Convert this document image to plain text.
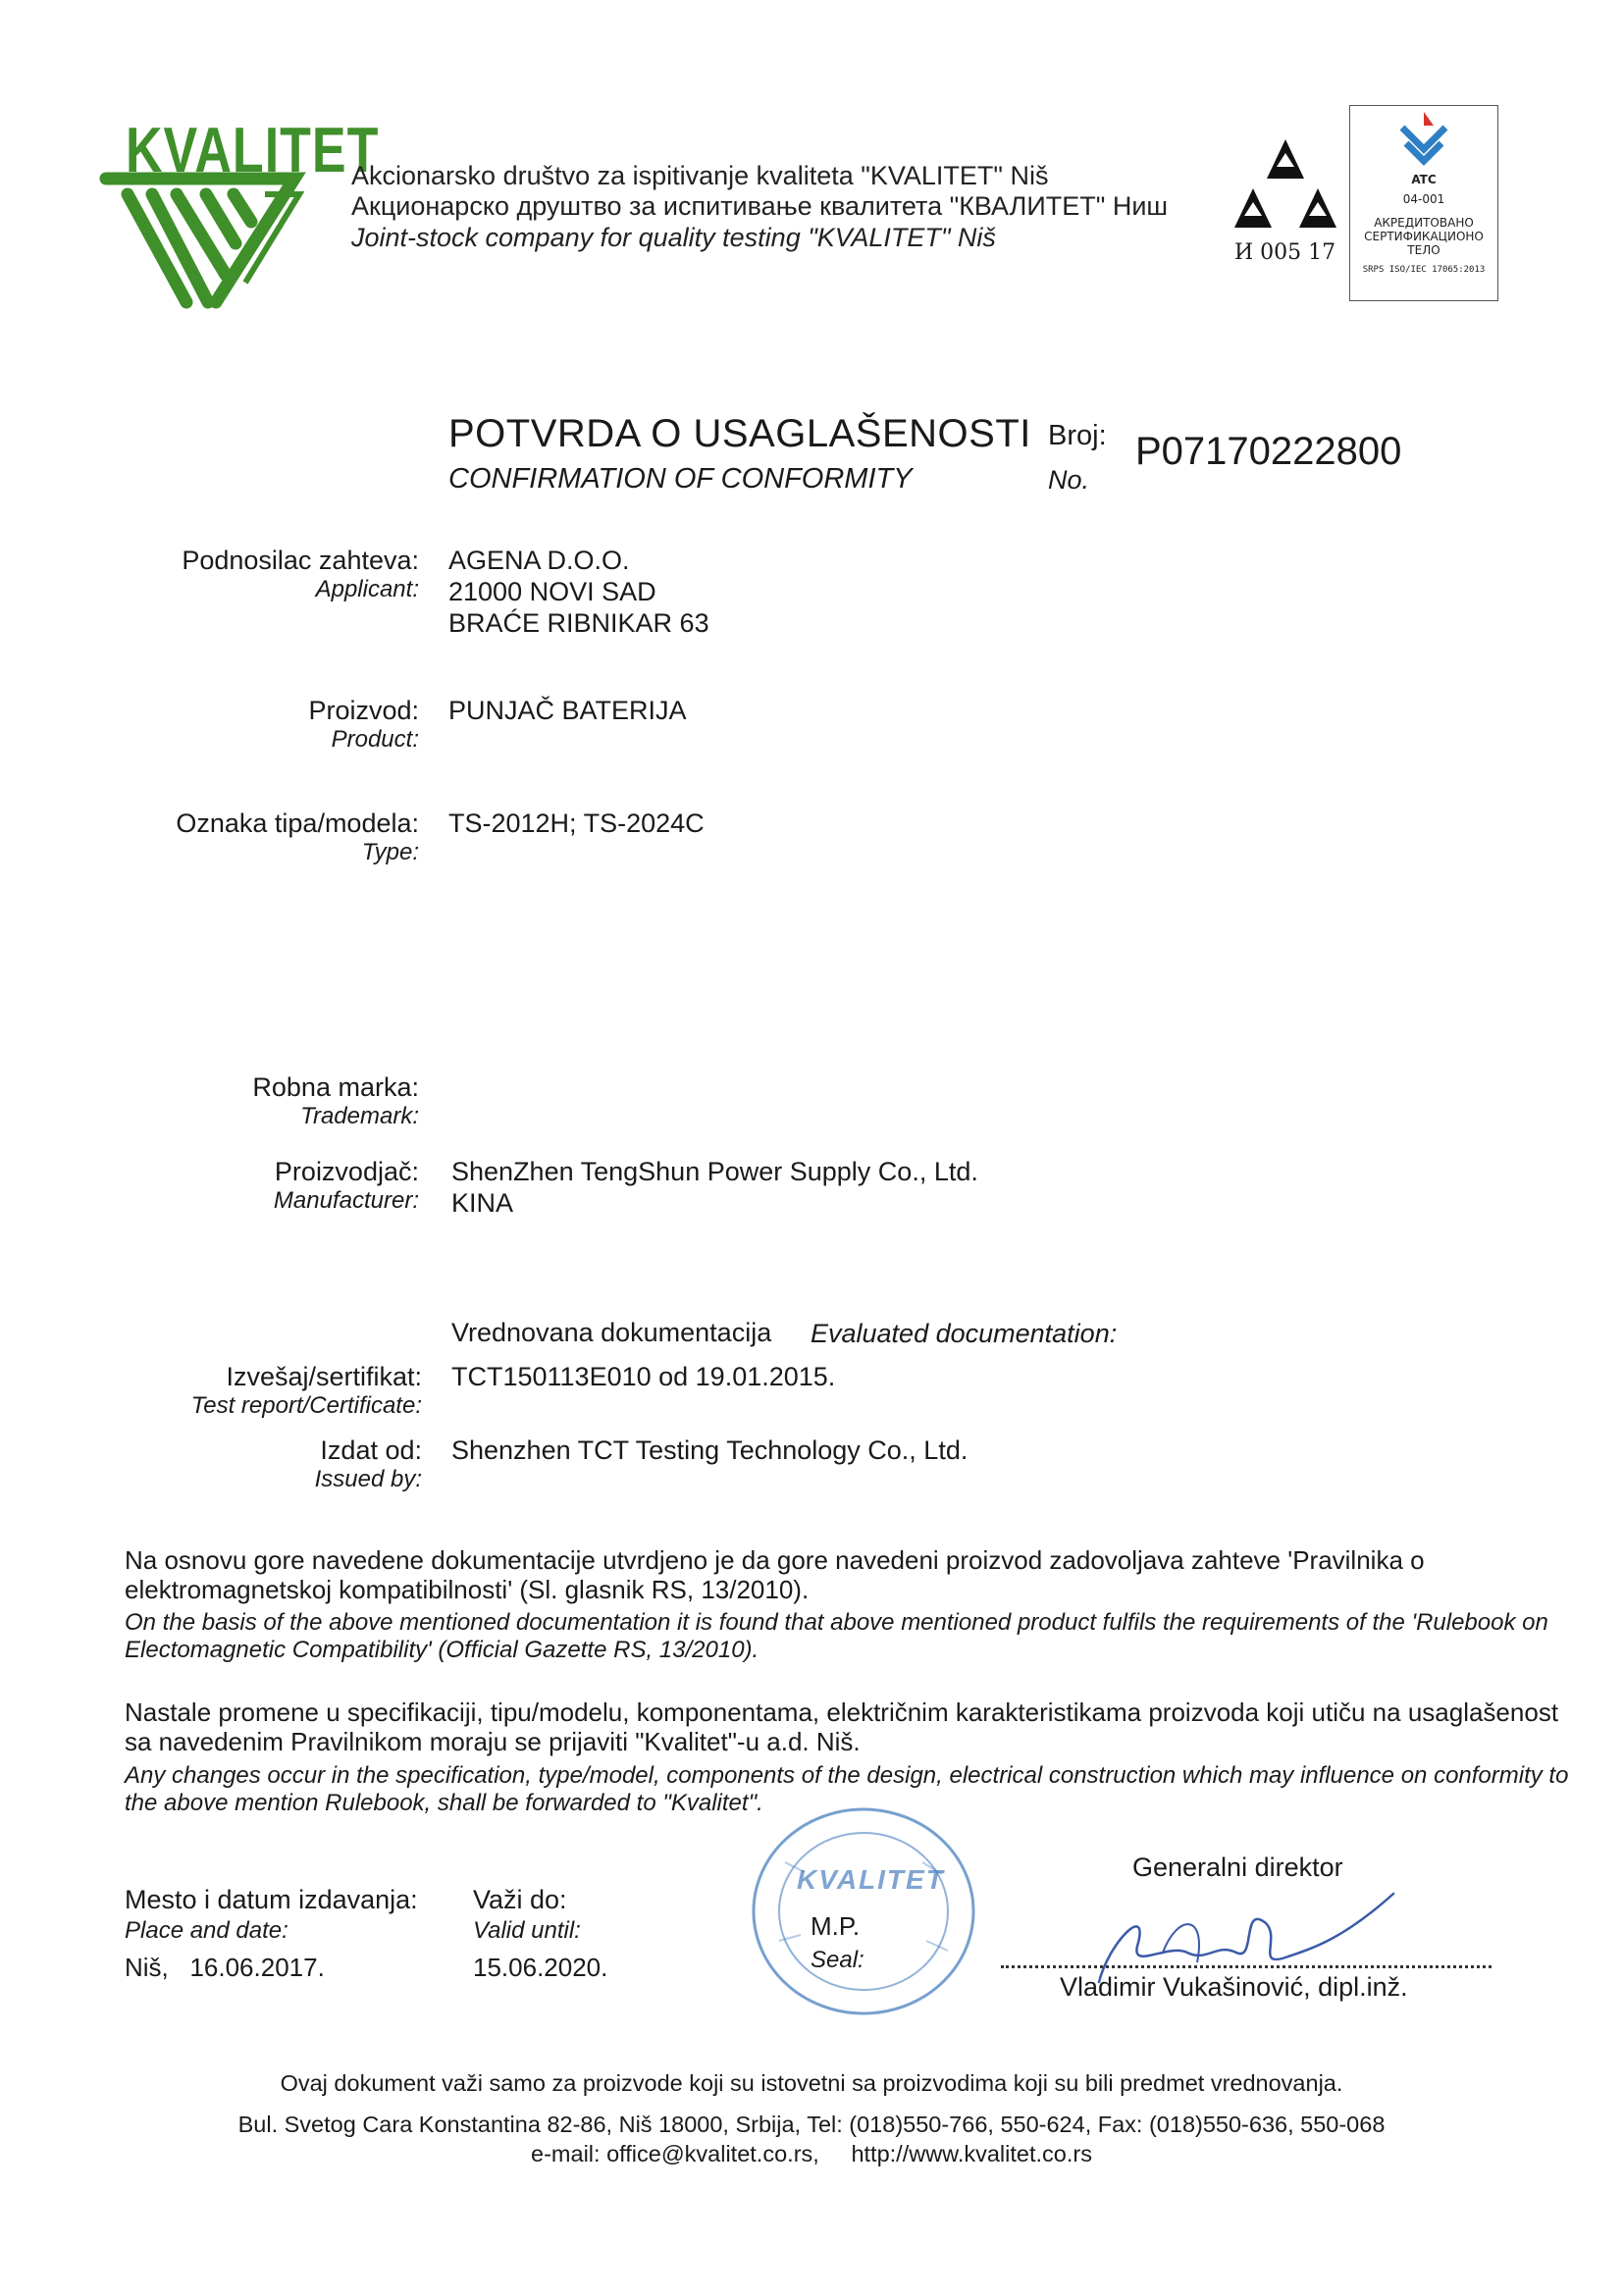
KVALITET
Akcionarsko društvo za ispitivanje kvaliteta "KVALITET" Niš
Акционарско друштво за испитивање квалитета "КВАЛИТЕТ" Ниш
Joint-stock company for quality testing "KVALITET" Niš
И 005 17
ATC
04-001
АКРЕДИТОВАНО
СЕРТИФИКАЦИОНО
ТЕЛО
SRPS ISO/IEC 17065:2013
POTVRDA O USAGLAŠENOSTI
CONFIRMATION OF CONFORMITY
Broj:
No.
P07170222800
Podnosilac zahteva:
Applicant:
AGENA D.O.O.
21000 NOVI SAD
BRAĆE RIBNIKAR 63
Proizvod:
Product:
PUNJAČ BATERIJA
Oznaka tipa/modela:
Type:
TS-2012H; TS-2024C
Robna marka:
Trademark:
Proizvodjač:
Manufacturer:
ShenZhen TengShun Power Supply Co., Ltd.
KINA
Vrednovana dokumentacija Evaluated documentation:
Izvešaj/sertifikat:
Test report/Certificate:
TCT150113E010 od 19.01.2015.
Izdat od:
Issued by:
Shenzhen TCT Testing Technology Co., Ltd.
Na osnovu gore navedene dokumentacije utvrdjeno je da gore navedeni proizvod zadovoljava zahteve 'Pravilnika o elektromagnetskoj kompatibilnosti' (Sl. glasnik RS, 13/2010).
On the basis of the above mentioned documentation it is found that above mentioned product fulfils the requirements of the 'Rulebook on Electomagnetic Compatibility' (Official Gazette RS, 13/2010).
Nastale promene u specifikaciji, tipu/modelu, komponentama, električnim karakteristikama proizvoda koji utiču na usaglašenost sa navedenim Pravilnikom moraju se prijaviti "Kvalitet"-u a.d. Niš.
Any changes occur in the specification, type/model, components of the design, electrical construction which may influence on conformity to the above mention Rulebook, shall be forwarded to "Kvalitet".
Mesto i datum izdavanja:
Place and date:
Niš,   16.06.2017.
Važi do:
Valid until:
15.06.2020.
KVALITET
M.P.
Seal:
Generalni direktor
Vladimir Vukašinović, dipl.inž.
Ovaj dokument važi samo za proizvode koji su istovetni sa proizvodima koji su bili predmet vrednovanja.
Bul. Svetog Cara Konstantina 82-86, Niš 18000, Srbija, Tel: (018)550-766, 550-624, Fax: (018)550-636, 550-068
e-mail: office@kvalitet.co.rs,     http://www.kvalitet.co.rs
